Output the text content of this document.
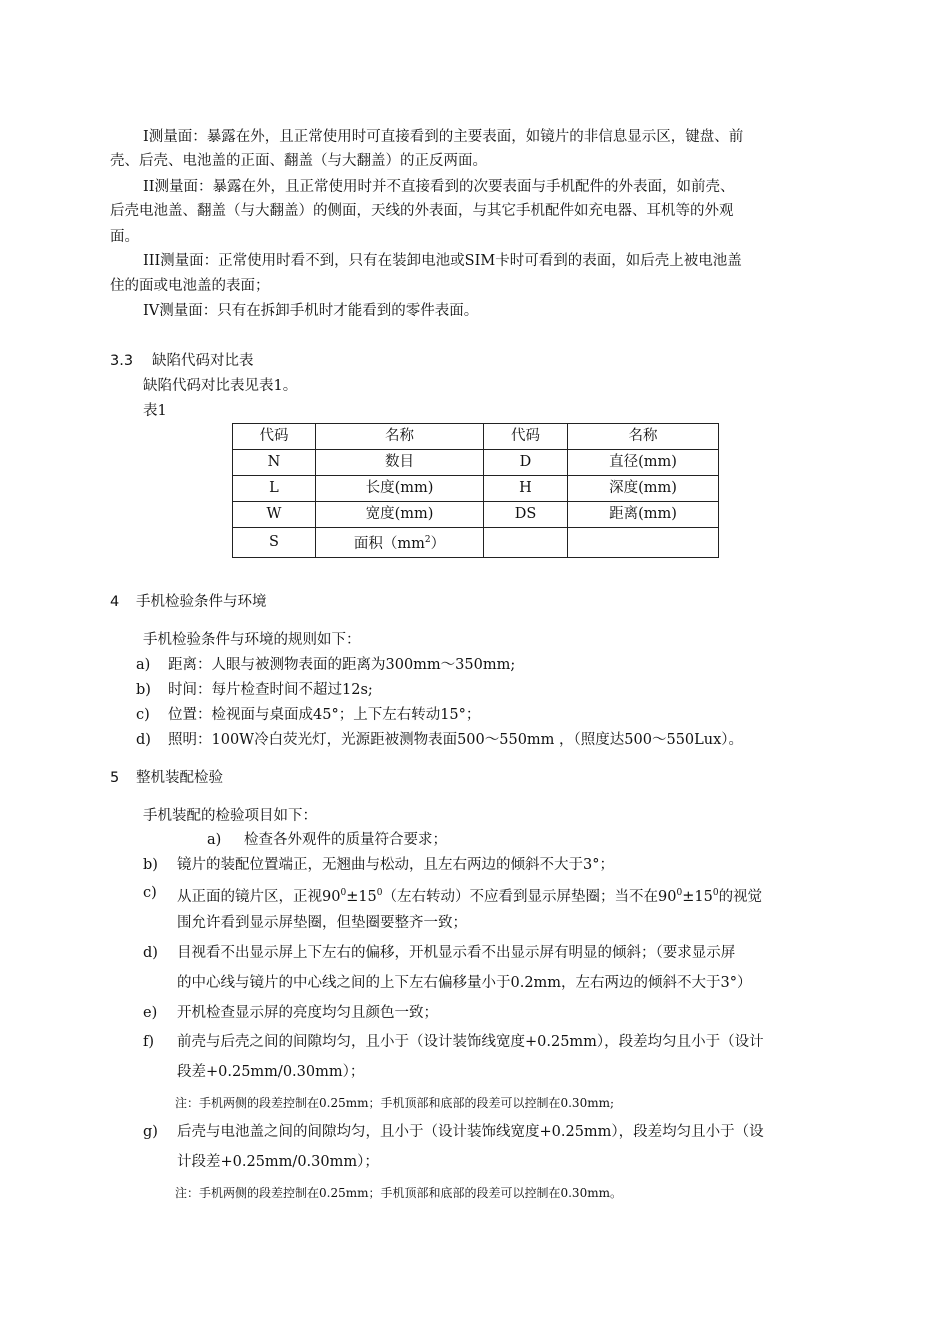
I测量面：暴露在外，且正常使用时可直接看到的主要表面，如镜片的非信息显示区，键盘、前
壳、后壳、电池盖的正面、翻盖（与大翻盖）的正反两面。
II测量面：暴露在外，且正常使用时并不直接看到的次要表面与手机配件的外表面，如前壳、
后壳电池盖、翻盖（与大翻盖）的侧面，天线的外表面，与其它手机配件如充电器、耳机等的外观
面。
III测量面：正常使用时看不到，只有在装卸电池或SIM卡时可看到的表面，如后壳上被电池盖
住的面或电池盖的表面；
IV测量面：只有在拆卸手机时才能看到的零件表面。
3.3 缺陷代码对比表
缺陷代码对比表见表1。
表1
代码	名称	代码	名称
N	数目	D	直径(mm)
L	长度(mm)	H	深度(mm)
W	宽度(mm)	DS	距离(mm)
S	面积$(mm^2)$		
4 手机检验条件与环境
手机检验条件与环境的规则如下：
a) 距离：人眼与被测物表面的距离为300mm～350mm;
b) 时间：每片检查时间不超过12s;
c) 位置：检视面与桌面成45°；上下左右转动15°；
d) 照明：100W冷白荧光灯，光源距被测物表面500～550mm ，（照度达500～550Lux）。
5 整机装配检验
手机装配的检验项目如下：
a) 检查各外观件的质量符合要求；
b) 镜片的装配位置端正，无翘曲与松动，且左右两边的倾斜不大于3°；
c) 从正面的镜片区，正视$90^0\pm 15^0$（左右转动）不应看到显示屏垫圈；当不在$90^0\pm 15^0$的视觉
围允许看到显示屏垫圈，但垫圈要整齐一致；
d) 目视看不出显示屏上下左右的偏移，开机显示看不出显示屏有明显的倾斜；（要求显示屏
的中心线与镜片的中心线之间的上下左右偏移量小于0.2mm，左右两边的倾斜不大于3°）
e) 开机检查显示屏的亮度均匀且颜色一致；
f) 前壳与后壳之间的间隙均匀，且小于（设计装饰线宽度+0.25mm），段差均匀且小于（设计
段差+0.25mm/0.30mm）；
注：手机两侧的段差控制在0.25mm；手机顶部和底部的段差可以控制在0.30mm;
g) 后壳与电池盖之间的间隙均匀，且小于（设计装饰线宽度+0.25mm），段差均匀且小于（设
计段差+0.25mm/0.30mm）；
注：手机两侧的段差控制在0.25mm；手机顶部和底部的段差可以控制在0.30mm。
